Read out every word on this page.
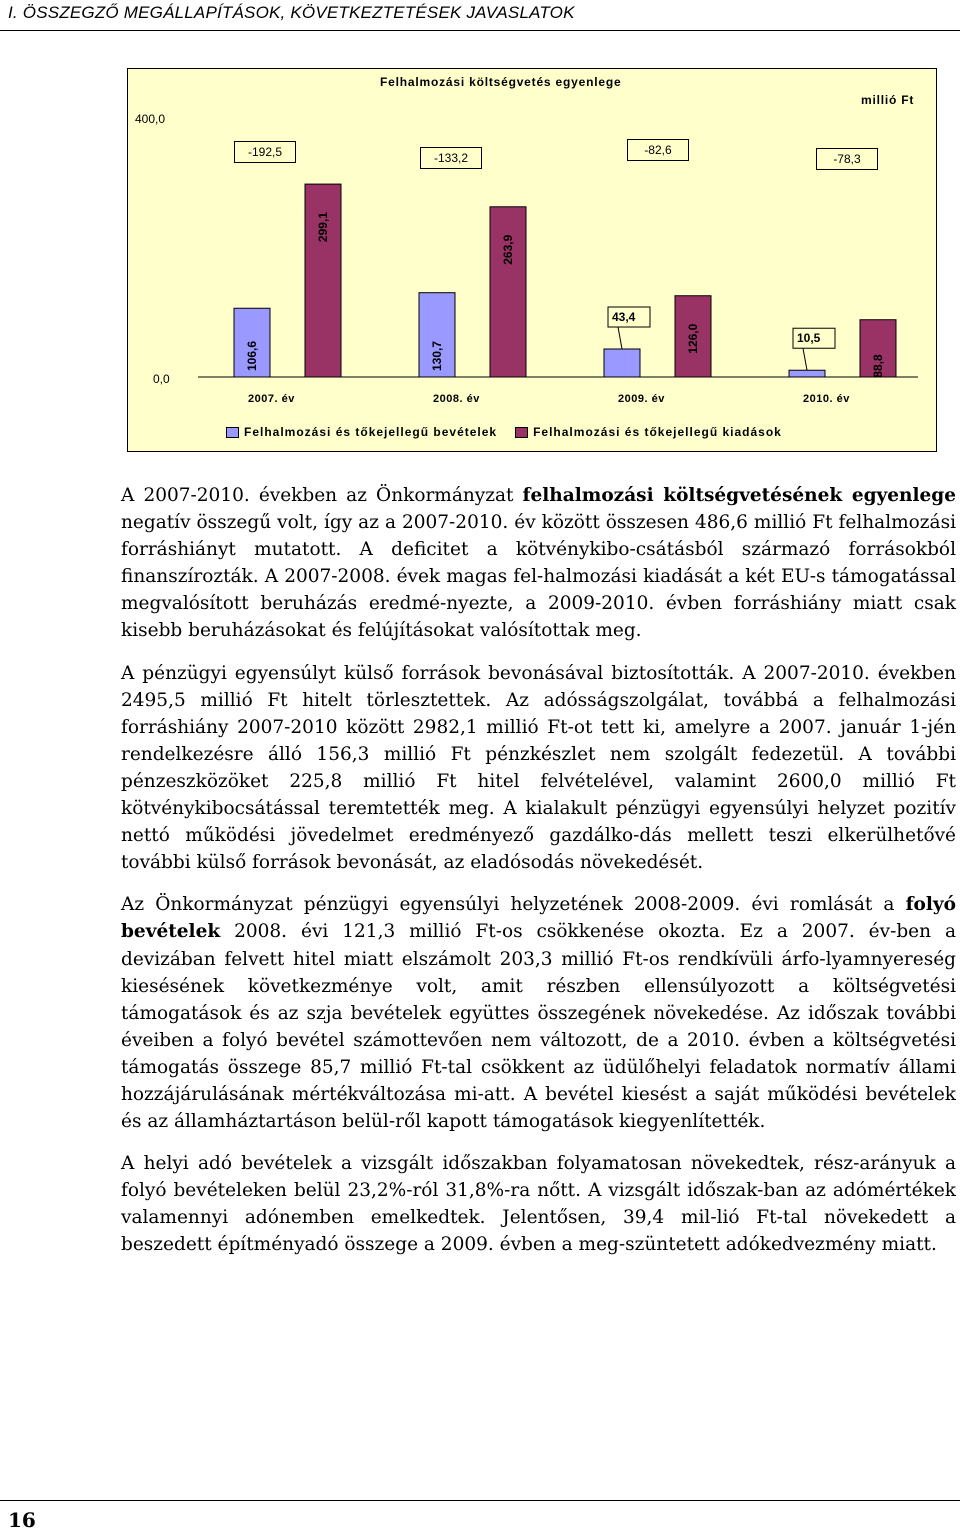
I. ÖSSZEGZŐ MEGÁLLAPÍTÁSOK, KÖVETKEZTETÉSEK JAVASLATOK
Felhalmozási költségvetés egyenlege
millió Ft
400,0
0,0
-192,5	-133,2
-82,6
-78,3
106,6
299,1
130,7
263,9
43,4
126,0	10,5
88,8
2007. év	2008. év	2009. év	2010. év
Felhalmozási és tőkejellegű bevételek	Felhalmozási és tőkejellegű kiadások

A 2007-2010. években az Önkormányzat felhalmozási költségvetésének egyenlege negatív összegű volt, így az a 2007-2010. év között összesen 486,6 millió Ft felhalmozási forráshiányt mutatott. A deficitet a kötvénykibo-csátásból származó forrásokból finanszírozták. A 2007-2008. évek magas fel-halmozási kiadását a két EU-s támogatással megvalósított beruházás eredmé-nyezte, a 2009-2010. évben forráshiány miatt csak kisebb beruházásokat és felújításokat valósítottak meg.

A pénzügyi egyensúlyt külső források bevonásával biztosították. A 2007-2010. években 2495,5 millió Ft hitelt törlesztettek. Az adósságszolgálat, továbbá a felhalmozási forráshiány 2007-2010 között 2982,1 millió Ft-ot tett ki, amelyre a 2007. január 1-jén rendelkezésre álló 156,3 millió Ft pénzkészlet nem szolgált fedezetül. A további pénzeszközöket 225,8 millió Ft hitel felvételével, valamint 2600,0 millió Ft kötvénykibocsátással teremtették meg. A kialakult pénzügyi egyensúlyi helyzet pozitív nettó működési jövedelmet eredményező gazdálko-dás mellett teszi elkerülhetővé további külső források bevonását, az eladósodás növekedését.

Az Önkormányzat pénzügyi egyensúlyi helyzetének 2008-2009. évi romlását a folyó bevételek 2008. évi 121,3 millió Ft-os csökkenése okozta. Ez a 2007. év-ben a devizában felvett hitel miatt elszámolt 203,3 millió Ft-os rendkívüli árfo-lyamnyereség kiesésének következménye volt, amit részben ellensúlyozott a költségvetési támogatások és az szja bevételek együttes összegének növekedése. Az időszak további éveiben a folyó bevétel számottevően nem változott, de a 2010. évben a költségvetési támogatás összege 85,7 millió Ft-tal csökkent az üdülőhelyi feladatok normatív állami hozzájárulásának mértékváltozása mi-att. A bevétel kiesést a saját működési bevételek és az államháztartáson belül-ről kapott támogatások kiegyenlítették.

A helyi adó bevételek a vizsgált időszakban folyamatosan növekedtek, rész-arányuk a folyó bevételeken belül 23,2%-ról 31,8%-ra nőtt. A vizsgált időszak-ban az adómértékek valamennyi adónemben emelkedtek. Jelentősen, 39,4 mil-lió Ft-tal növekedett a beszedett építményadó összege a 2009. évben a meg-szüntetett adókedvezmény miatt.

16
